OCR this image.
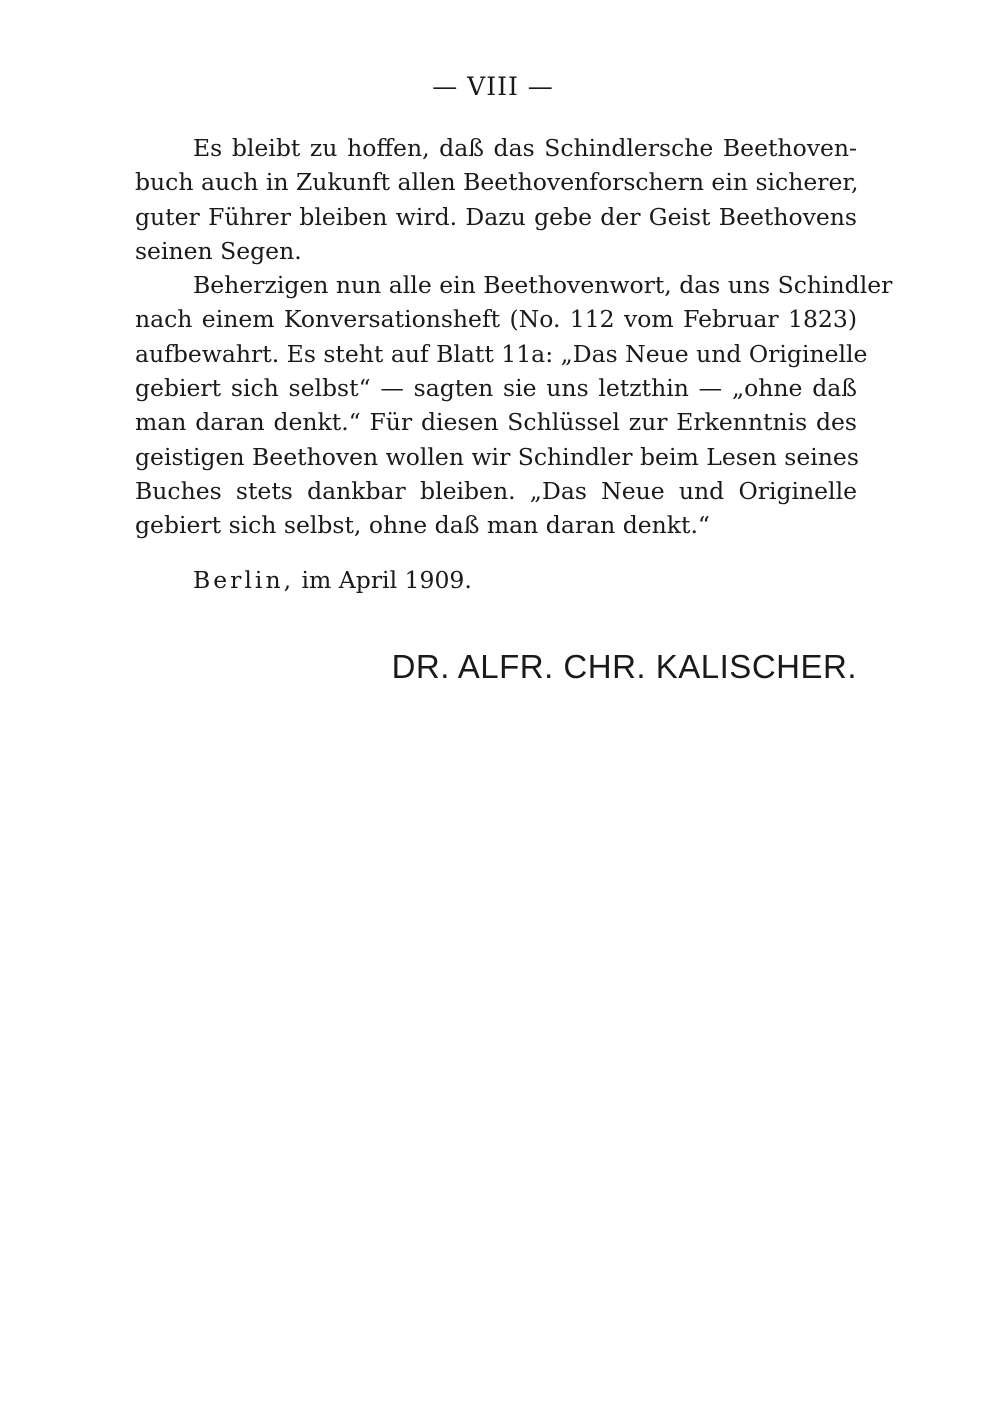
— VIII —

Es bleibt zu hoffen, daß das Schindlersche Beethoven-
buch auch in Zukunft allen Beethovenforschern ein sicherer,
guter Führer bleiben wird. Dazu gebe der Geist Beethovens
seinen Segen.

Beherzigen nun alle ein Beethovenwort, das uns Schindler
nach einem Konversationsheft (No. 112 vom Februar 1823)
aufbewahrt. Es steht auf Blatt 11a: „Das Neue und Originelle
gebiert sich selbst“ — sagten sie uns letzthin — „ohne daß
man daran denkt.“ Für diesen Schlüssel zur Erkenntnis des
geistigen Beethoven wollen wir Schindler beim Lesen seines
Buches stets dankbar bleiben. „Das Neue und Originelle
gebiert sich selbst, ohne daß man daran denkt.“

Berlin, im April 1909.
DR. ALFR. CHR. KALISCHER.
